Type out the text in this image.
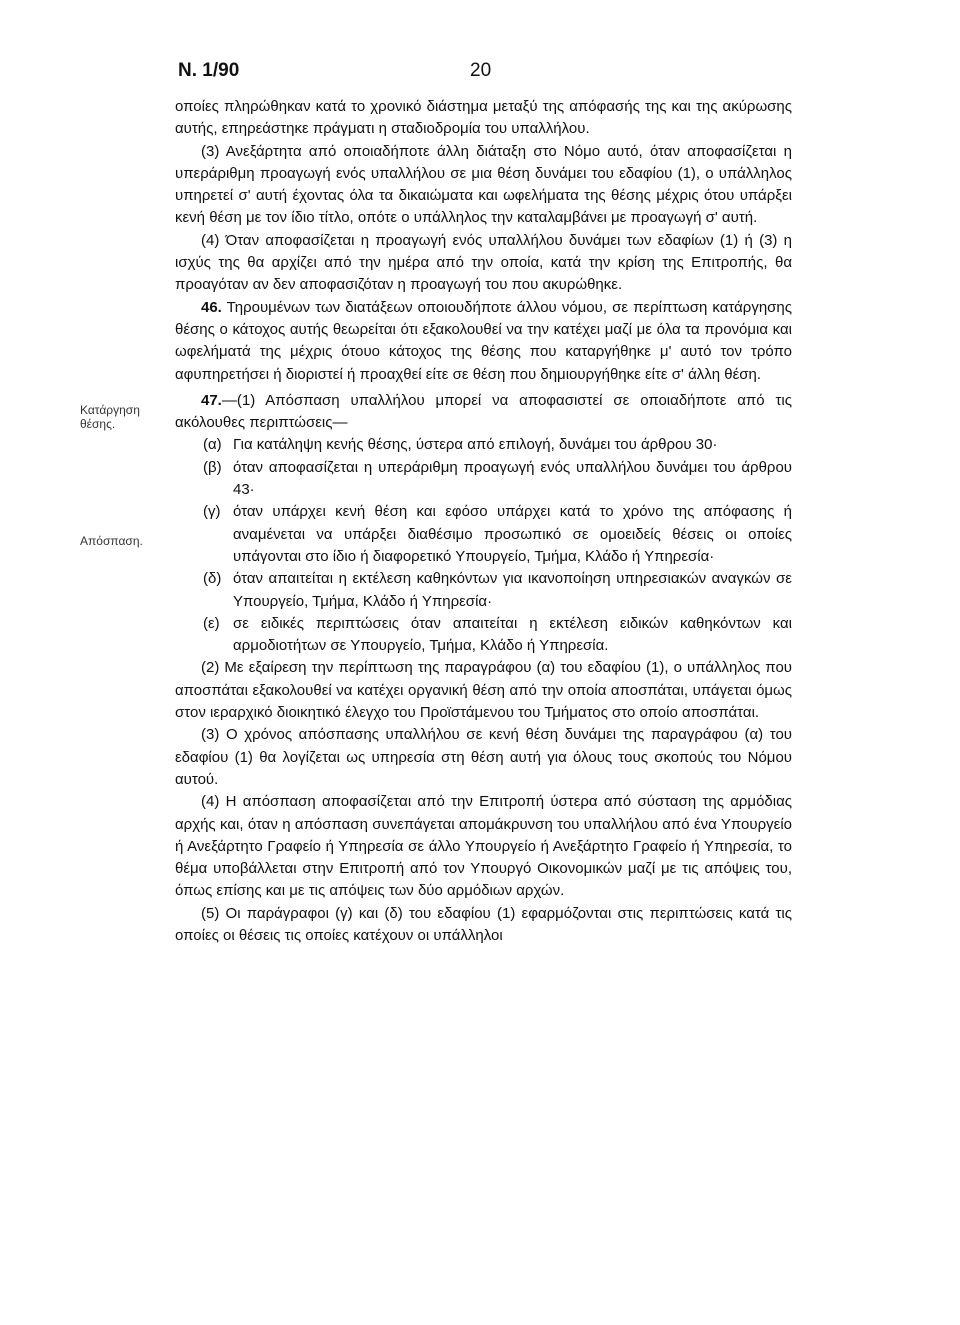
N. 1/90	20
Κατάργηση θέσης.
Απόσπαση.

οποίες πληρώθηκαν κατά το χρονικό διάστημα μεταξύ της απόφασής της και της ακύρωσης αυτής, επηρεάστηκε πράγματι η σταδιοδρομία του υπαλλήλου.

(3) Ανεξάρτητα από οποιαδήποτε άλλη διάταξη στο Νόμο αυτό, όταν αποφασίζεται η υπεράριθμη προαγωγή ενός υπαλλήλου σε μια θέση δυνάμει του εδαφίου (1), ο υπάλληλος υπηρετεί σ' αυτή έχοντας όλα τα δικαιώματα και ωφελήματα της θέσης μέχρις ότου υπάρξει κενή θέση με τον ίδιο τίτλο, οπότε ο υπάλληλος την καταλαμβάνει με προαγωγή σ' αυτή.

(4) Όταν αποφασίζεται η προαγωγή ενός υπαλλήλου δυνάμει των εδαφίων (1) ή (3) η ισχύς της θα αρχίζει από την ημέρα από την οποία, κατά την κρίση της Επιτροπής, θα προαγόταν αν δεν αποφασιζόταν η προαγωγή του που ακυρώθηκε.

46. Τηρουμένων των διατάξεων οποιουδήποτε άλλου νόμου, σε περίπτωση κατάργησης θέσης ο κάτοχος αυτής θεωρείται ότι εξακολουθεί να την κατέχει μαζί με όλα τα προνόμια και ωφελήματά της μέχρις ότουο κάτοχος της θέσης που καταργήθηκε μ' αυτό τον τρόπο αφυπηρετήσει ή διοριστεί ή προαχθεί είτε σε θέση που δημιουργήθηκε είτε σ' άλλη θέση.

47.—(1) Απόσπαση υπαλλήλου μπορεί να αποφασιστεί σε οποιαδήποτε από τις ακόλουθες περιπτώσεις—

(α) Για κατάληψη κενής θέσης, ύστερα από επιλογή, δυνάμει του άρθρου 30·
(β) όταν αποφασίζεται η υπεράριθμη προαγωγή ενός υπαλλήλου δυνάμει του άρθρου 43·
(γ) όταν υπάρχει κενή θέση και εφόσο υπάρχει κατά το χρόνο της απόφασης ή αναμένεται να υπάρξει διαθέσιμο προσωπικό σε ομοειδείς θέσεις οι οποίες υπάγονται στο ίδιο ή διαφορετικό Υπουργείο, Τμήμα, Κλάδο ή Υπηρεσία·
(δ) όταν απαιτείται η εκτέλεση καθηκόντων για ικανοποίηση υπηρεσιακών αναγκών σε Υπουργείο, Τμήμα, Κλάδο ή Υπηρεσία·
(ε) σε ειδικές περιπτώσεις όταν απαιτείται η εκτέλεση ειδικών καθηκόντων και αρμοδιοτήτων σε Υπουργείο, Τμήμα, Κλάδο ή Υπηρεσία.

(2) Με εξαίρεση την περίπτωση της παραγράφου (α) του εδαφίου (1), ο υπάλληλος που αποσπάται εξακολουθεί να κατέχει οργανική θέση από την οποία αποσπάται, υπάγεται όμως στον ιεραρχικό διοικητικό έλεγχο του Προϊστάμενου του Τμήματος στο οποίο αποσπάται.

(3) Ο χρόνος απόσπασης υπαλλήλου σε κενή θέση δυνάμει της παραγράφου (α) του εδαφίου (1) θα λογίζεται ως υπηρεσία στη θέση αυτή για όλους τους σκοπούς του Νόμου αυτού.

(4) Η απόσπαση αποφασίζεται από την Επιτροπή ύστερα από σύσταση της αρμόδιας αρχής και, όταν η απόσπαση συνεπάγεται απομάκρυνση του υπαλλήλου από ένα Υπουργείο ή Ανεξάρτητο Γραφείο ή Υπηρεσία σε άλλο Υπουργείο ή Ανεξάρτητο Γραφείο ή Υπηρεσία, το θέμα υποβάλλεται στην Επιτροπή από τον Υπουργό Οικονομικών μαζί με τις απόψεις του, όπως επίσης και με τις απόψεις των δύο αρμόδιων αρχών.

(5) Οι παράγραφοι (γ) και (δ) του εδαφίου (1) εφαρμόζονται στις περιπτώσεις κατά τις οποίες οι θέσεις τις οποίες κατέχουν οι υπάλληλοι
